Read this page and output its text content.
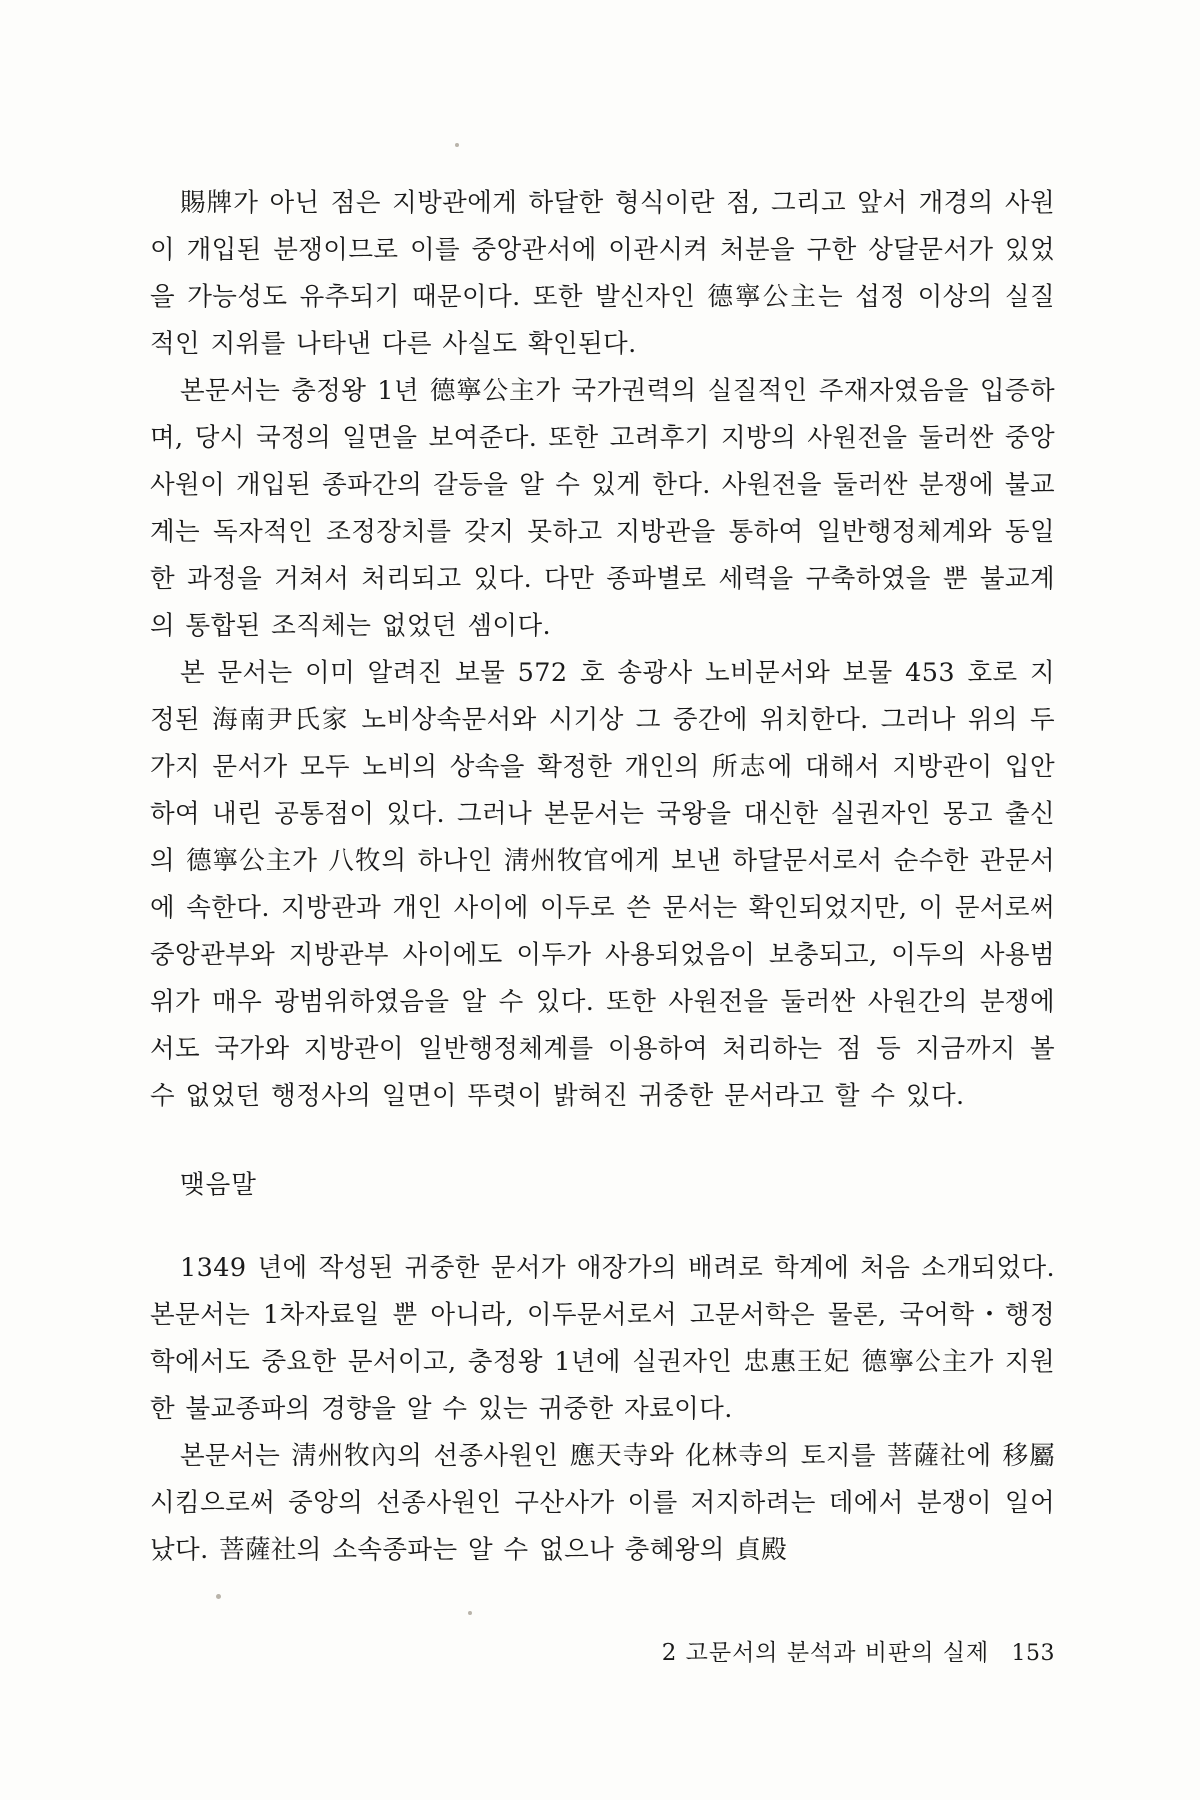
賜牌가 아닌 점은 지방관에게 하달한 형식이란 점, 그리고 앞서 개경의 사원이 개입된 분쟁이므로 이를 중앙관서에 이관시켜 처분을 구한 상달문서가 있었을 가능성도 유추되기 때문이다. 또한 발신자인 德寧公主는 섭정 이상의 실질적인 지위를 나타낸 다른 사실도 확인된다.

본문서는 충정왕 1년 德寧公主가 국가권력의 실질적인 주재자였음을 입증하며, 당시 국정의 일면을 보여준다. 또한 고려후기 지방의 사원전을 둘러싼 중앙사원이 개입된 종파간의 갈등을 알 수 있게 한다. 사원전을 둘러싼 분쟁에 불교계는 독자적인 조정장치를 갖지 못하고 지방관을 통하여 일반행정체계와 동일한 과정을 거쳐서 처리되고 있다. 다만 종파별로 세력을 구축하였을 뿐 불교계의 통합된 조직체는 없었던 셈이다.

본 문서는 이미 알려진 보물 572 호 송광사 노비문서와 보물 453 호로 지정된 海南尹氏家 노비상속문서와 시기상 그 중간에 위치한다. 그러나 위의 두 가지 문서가 모두 노비의 상속을 확정한 개인의 所志에 대해서 지방관이 입안하여 내린 공통점이 있다. 그러나 본문서는 국왕을 대신한 실권자인 몽고 출신의 德寧公主가 八牧의 하나인 淸州牧官에게 보낸 하달문서로서 순수한 관문서에 속한다. 지방관과 개인 사이에 이두로 쓴 문서는 확인되었지만, 이 문서로써 중앙관부와 지방관부 사이에도 이두가 사용되었음이 보충되고, 이두의 사용범위가 매우 광범위하였음을 알 수 있다. 또한 사원전을 둘러싼 사원간의 분쟁에서도 국가와 지방관이 일반행정체계를 이용하여 처리하는 점 등 지금까지 볼 수 없었던 행정사의 일면이 뚜렷이 밝혀진 귀중한 문서라고 할 수 있다.

맺음말

1349 년에 작성된 귀중한 문서가 애장가의 배려로 학계에 처음 소개되었다. 본문서는 1차자료일 뿐 아니라, 이두문서로서 고문서학은 물론, 국어학・행정학에서도 중요한 문서이고, 충정왕 1년에 실권자인 忠惠王妃 德寧公主가 지원한 불교종파의 경향을 알 수 있는 귀중한 자료이다.

본문서는 淸州牧內의 선종사원인 應天寺와 化林寺의 토지를 菩薩社에 移屬시킴으로써 중앙의 선종사원인 구산사가 이를 저지하려는 데에서 분쟁이 일어났다. 菩薩社의 소속종파는 알 수 없으나 충혜왕의 貞殿

2 고문서의 분석과 비판의 실제 153
